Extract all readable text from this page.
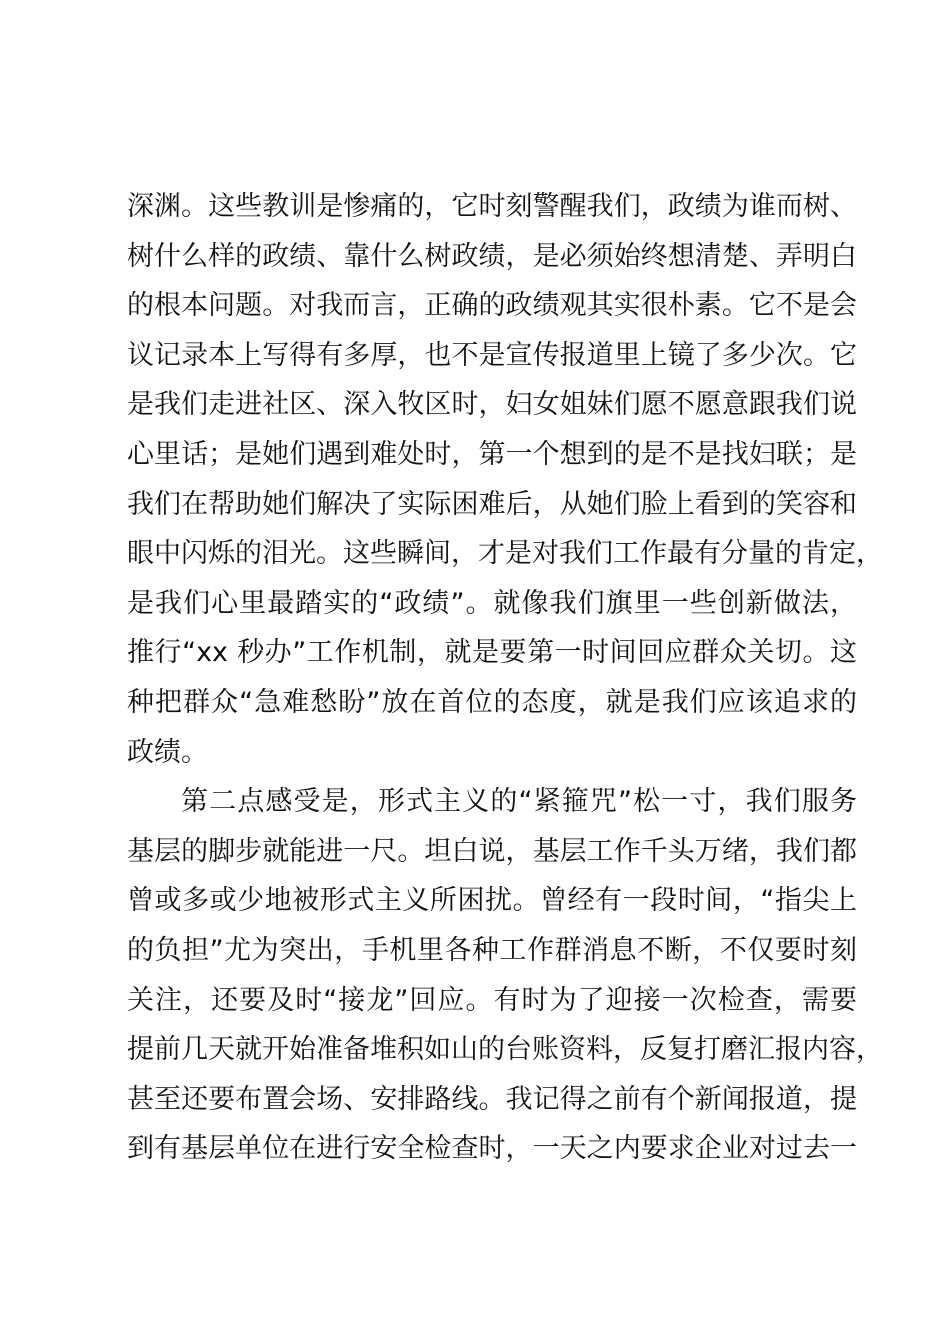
深渊。这些教训是惨痛的，它时刻警醒我们，政绩为谁而树、
树什么样的政绩、靠什么树政绩，是必须始终想清楚、弄明白
的根本问题。对我而言，正确的政绩观其实很朴素。它不是会
议记录本上写得有多厚，也不是宣传报道里上镜了多少次。它
是我们走进社区、深入牧区时，妇女姐妹们愿不愿意跟我们说
心里话；是她们遇到难处时，第一个想到的是不是找妇联；是
我们在帮助她们解决了实际困难后，从她们脸上看到的笑容和
眼中闪烁的泪光。这些瞬间，才是对我们工作最有分量的肯定，
是我们心里最踏实的“政绩”。就像我们旗里一些创新做法，
推行“xx 秒办”工作机制，就是要第一时间回应群众关切。这
种把群众“急难愁盼”放在首位的态度，就是我们应该追求的
政绩。
第二点感受是，形式主义的“紧箍咒”松一寸，我们服务
基层的脚步就能进一尺。坦白说，基层工作千头万绪，我们都
曾或多或少地被形式主义所困扰。曾经有一段时间，“指尖上
的负担”尤为突出，手机里各种工作群消息不断，不仅要时刻
关注，还要及时“接龙”回应。有时为了迎接一次检查，需要
提前几天就开始准备堆积如山的台账资料，反复打磨汇报内容，
甚至还要布置会场、安排路线。我记得之前有个新闻报道，提
到有基层单位在进行安全检查时，一天之内要求企业对过去一
